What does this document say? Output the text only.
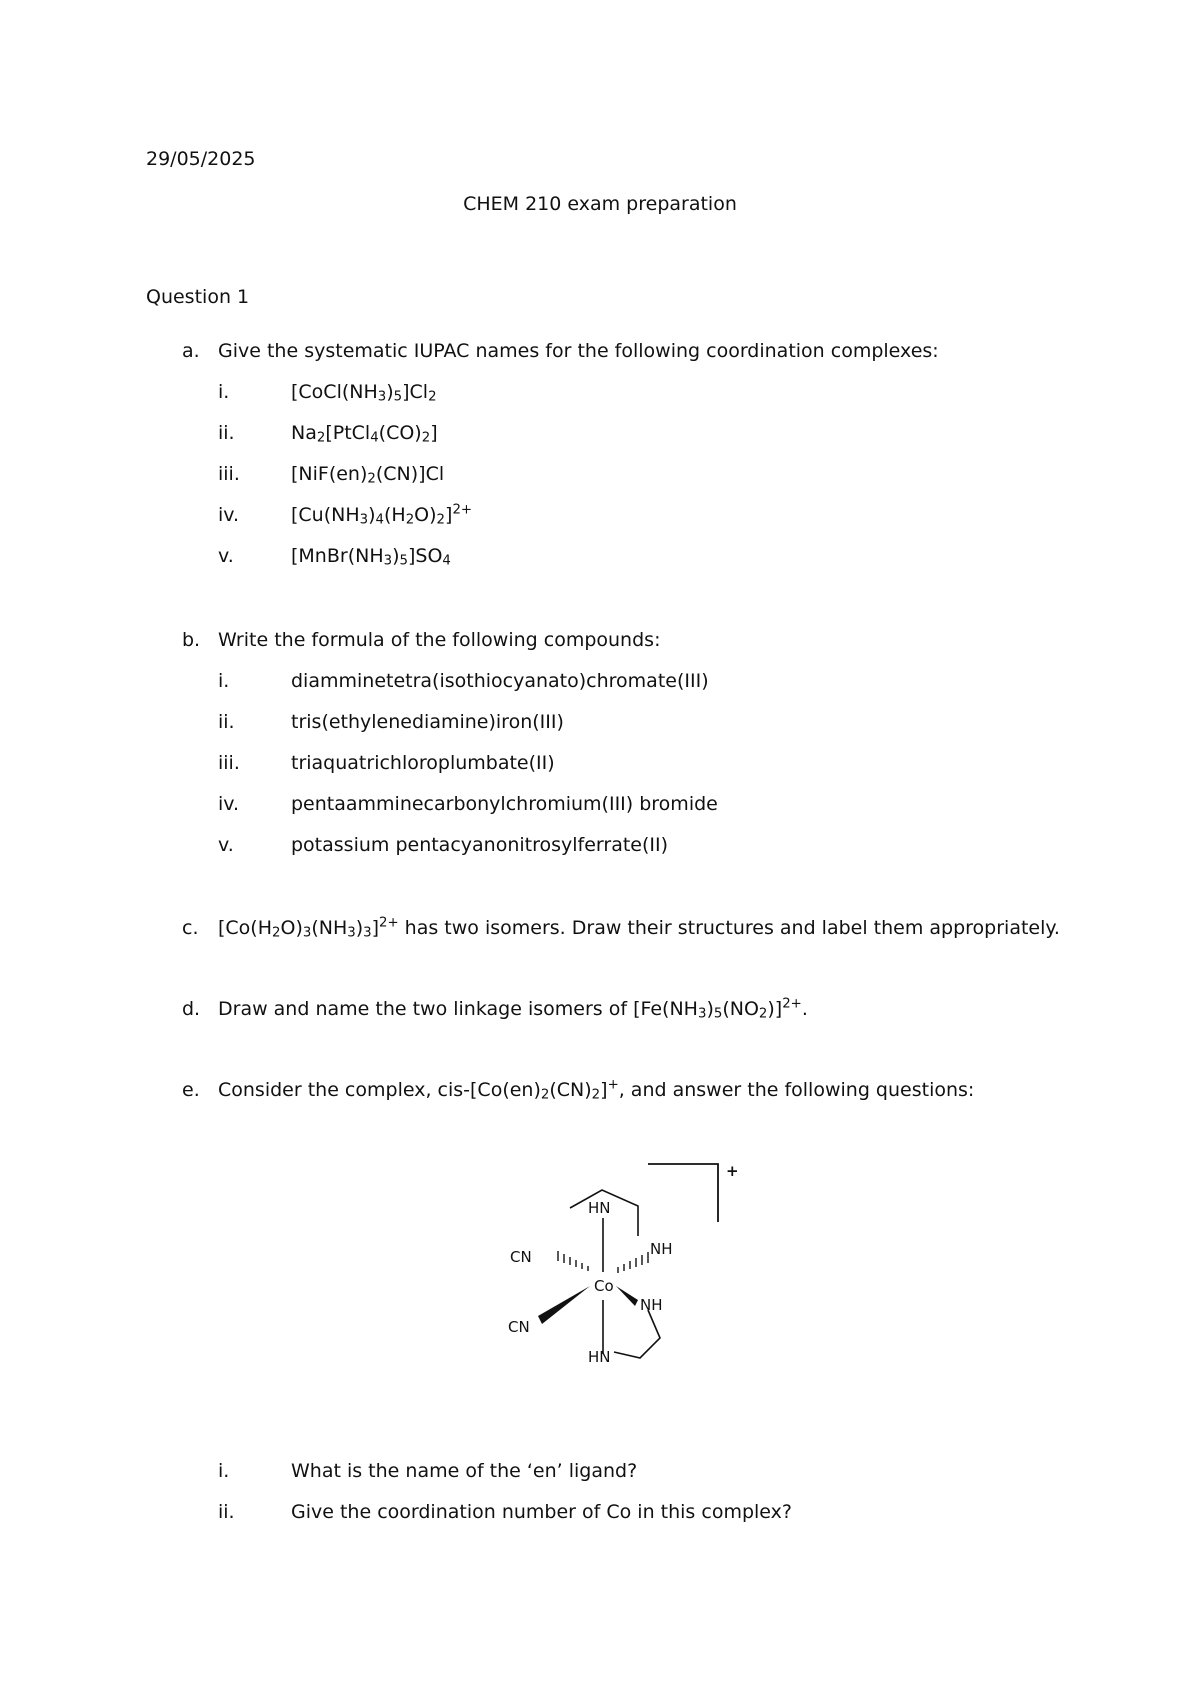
29/05/2025
CHEM 210 exam preparation
Question 1
a. Give the systematic IUPAC names for the following coordination complexes:
i.	$[CoCl(NH_3)_5]Cl_2$
ii.	$Na_2[PtCl_4(CO)_2]$
iii.	$[NiF(en)_2(CN)]Cl$
iv.	$[Cu(NH_3)_4(H_2O)_2]^{2+}$
v.	$[MnBr(NH_3)_5]SO_4$
b. Write the formula of the following compounds:
i.	diamminetetra(isothiocyanato)chromate(III)
ii.	tris(ethylenediamine)iron(III)
iii.	triaquatrichloroplumbate(II)
iv.	pentaamminecarbonylchromium(III) bromide
v.	potassium pentacyanonitrosylferrate(II)
c. $[Co(H_2O)_3(NH_3)_3]^{2+}$ has two isomers. Draw their structures and label them appropriately.
d. Draw and name the two linkage isomers of $[Fe(NH_3)_5(NO_2)]^{2+}$.
e. Consider the complex, cis-$[Co(en)_2(CN)_2]^+$, and answer the following questions:
+
HN
NH
CN
Co
NH
CN
HN
i.	What is the name of the ‘en’ ligand?
ii.	Give the coordination number of Co in this complex?
